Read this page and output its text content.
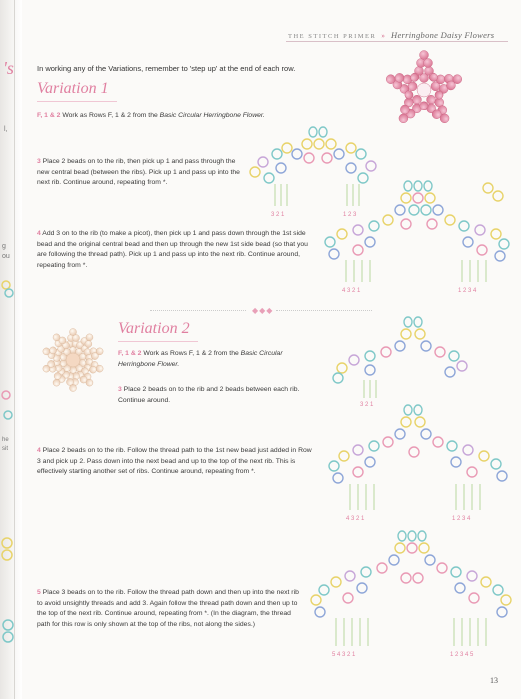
's
l,
g
ou
he
sit
THE STITCH PRIMER » Herringbone Daisy Flowers
In working any of the Variations, remember to 'step up' at the end of each row.
Variation 1
F, 1 & 2 Work as Rows F, 1 & 2 from the Basic Circular Herringbone Flower.
3 Place 2 beads on to the rib, then pick up 1 and pass through the new central bead (between the ribs). Pick up 1 and pass up into the next rib. Continue around, repeating from *.
4 Add 3 on to the rib (to make a picot), then pick up 1 and pass down through the 1st side bead and the original central bead and then up through the new 1st side bead (so that you are following the thread path). Pick up 1 and pass up into the next rib. Continue around, repeating from *.
3 2 1	1 2 3
4 3 2 1	1 2 3 4
◆◆◆
Variation 2
F, 1 & 2 Work as Rows F, 1 & 2 from the Basic Circular Herringbone Flower.
3 Place 2 beads on to the rib and 2 beads between each rib. Continue around.
4 Place 2 beads on to the rib. Follow the thread path to the 1st new bead just added in Row 3 and pick up 2. Pass down into the next bead and up to the top of the next rib. This is effectively starting another set of ribs. Continue around, repeating from *.
5 Place 3 beads on to the rib. Follow the thread path down and then up into the next rib to avoid unsightly threads and add 3. Again follow the thread path down and then up to the top of the next rib. Continue around, repeating from *. (In the diagram, the thread path for this row is only shown at the top of the ribs, not along the sides.)
3 2 1
4 3 2 1	1 2 3 4
5 4 3 2 1	1 2 3 4 5
13
